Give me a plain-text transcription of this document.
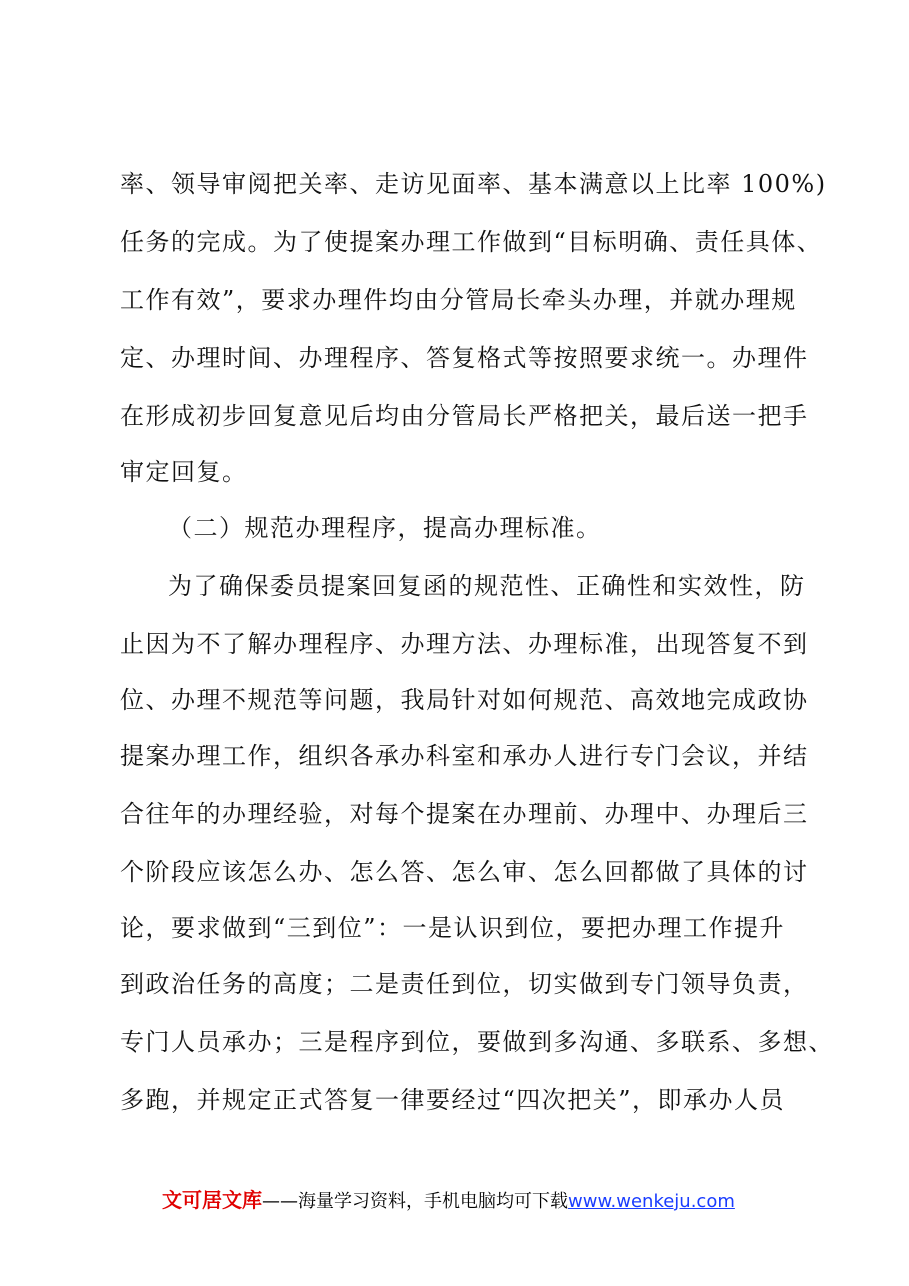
率、领导审阅把关率、走访见面率、基本满意以上比率 100%)
任务的完成。为了使提案办理工作做到“目标明确、责任具体、
工作有效”，要求办理件均由分管局长牵头办理，并就办理规
定、办理时间、办理程序、答复格式等按照要求统一。办理件
在形成初步回复意见后均由分管局长严格把关，最后送一把手
审定回复。
（二）规范办理程序，提高办理标准。
为了确保委员提案回复函的规范性、正确性和实效性，防
止因为不了解办理程序、办理方法、办理标准，出现答复不到
位、办理不规范等问题，我局针对如何规范、高效地完成政协
提案办理工作，组织各承办科室和承办人进行专门会议，并结
合往年的办理经验，对每个提案在办理前、办理中、办理后三
个阶段应该怎么办、怎么答、怎么审、怎么回都做了具体的讨
论，要求做到“三到位”：一是认识到位，要把办理工作提升
到政治任务的高度；二是责任到位，切实做到专门领导负责，
专门人员承办；三是程序到位，要做到多沟通、多联系、多想、
多跑，并规定正式答复一律要经过“四次把关”，即承办人员
文可居文库——海量学习资料，手机电脑均可下载www.wenkeju.com
